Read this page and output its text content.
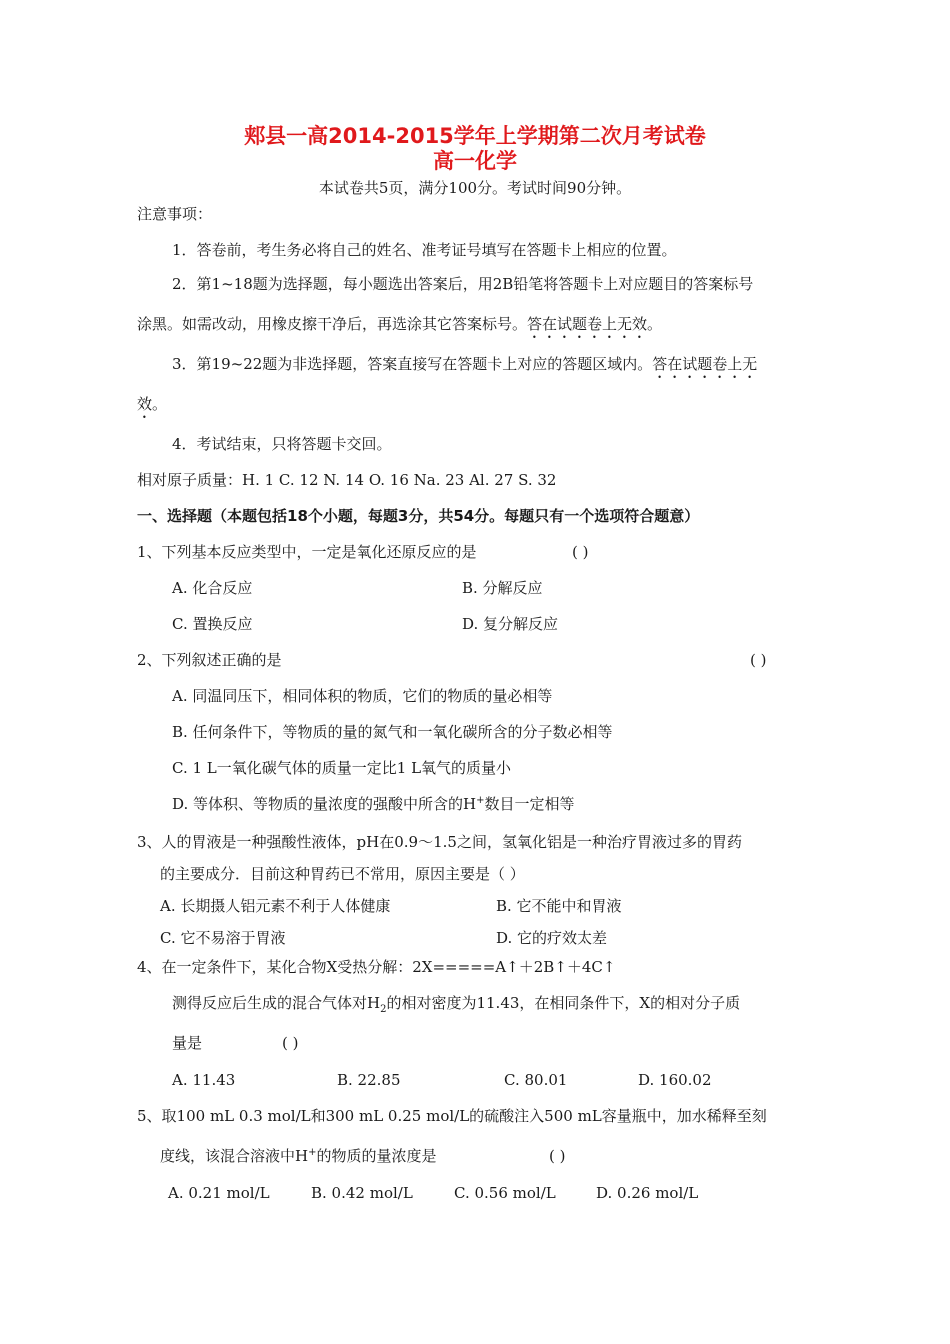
郏县一高2014-2015学年上学期第二次月考试卷
高一化学
本试卷共5页，满分100分。考试时间90分钟。
注意事项：
1．答卷前，考生务必将自己的姓名、准考证号填写在答题卡上相应的位置。
2．第1~18题为选择题，每小题选出答案后，用2B铅笔将答题卡上对应题目的答案标号
涂黑。如需改动，用橡皮擦干净后，再选涂其它答案标号。答在试题卷上无效。
3．第19~22题为非选择题，答案直接写在答题卡上对应的答题区域内。答在试题卷上无
效。
4．考试结束，只将答题卡交回。
相对原子质量：H. 1 C. 12 N. 14 O. 16 Na. 23 Al. 27 S. 32
一、选择题（本题包括18个小题，每题3分，共54分。每题只有一个选项符合题意）
1、下列基本反应类型中，一定是氧化还原反应的是	( )
A. 化合反应	B. 分解反应
C. 置换反应	D. 复分解反应
2、下列叙述正确的是	( )
A. 同温同压下，相同体积的物质，它们的物质的量必相等
B. 任何条件下，等物质的量的氮气和一氧化碳所含的分子数必相等
C. 1 L一氧化碳气体的质量一定比1 L氧气的质量小
D. 等体积、等物质的量浓度的强酸中所含的H+数目一定相等
3、人的胃液是一种强酸性液体，pH在0.9～1.5之间，氢氧化铝是一种治疗胃液过多的胃药
的主要成分．目前这种胃药已不常用，原因主要是（ ）
A. 长期摄人铝元素不利于人体健康	B. 它不能中和胃液
C. 它不易溶于胃液	D. 它的疗效太差
4、在一定条件下，某化合物X受热分解：2X=====A↑＋2B↑＋4C↑
测得反应后生成的混合气体对$H_2$的相对密度为11.43，在相同条件下，X的相对分子质
量是	( )
A. 11.43	B. 22.85	C. 80.01	D. 160.02
5、取100 mL 0.3 mol/L和300 mL 0.25 mol/L的硫酸注入500 mL容量瓶中，加水稀释至刻
度线，该混合溶液中H+的物质的量浓度是	( )
A. 0.21 mol/L	B. 0.42 mol/L	C. 0.56 mol/L	D. 0.26 mol/L
